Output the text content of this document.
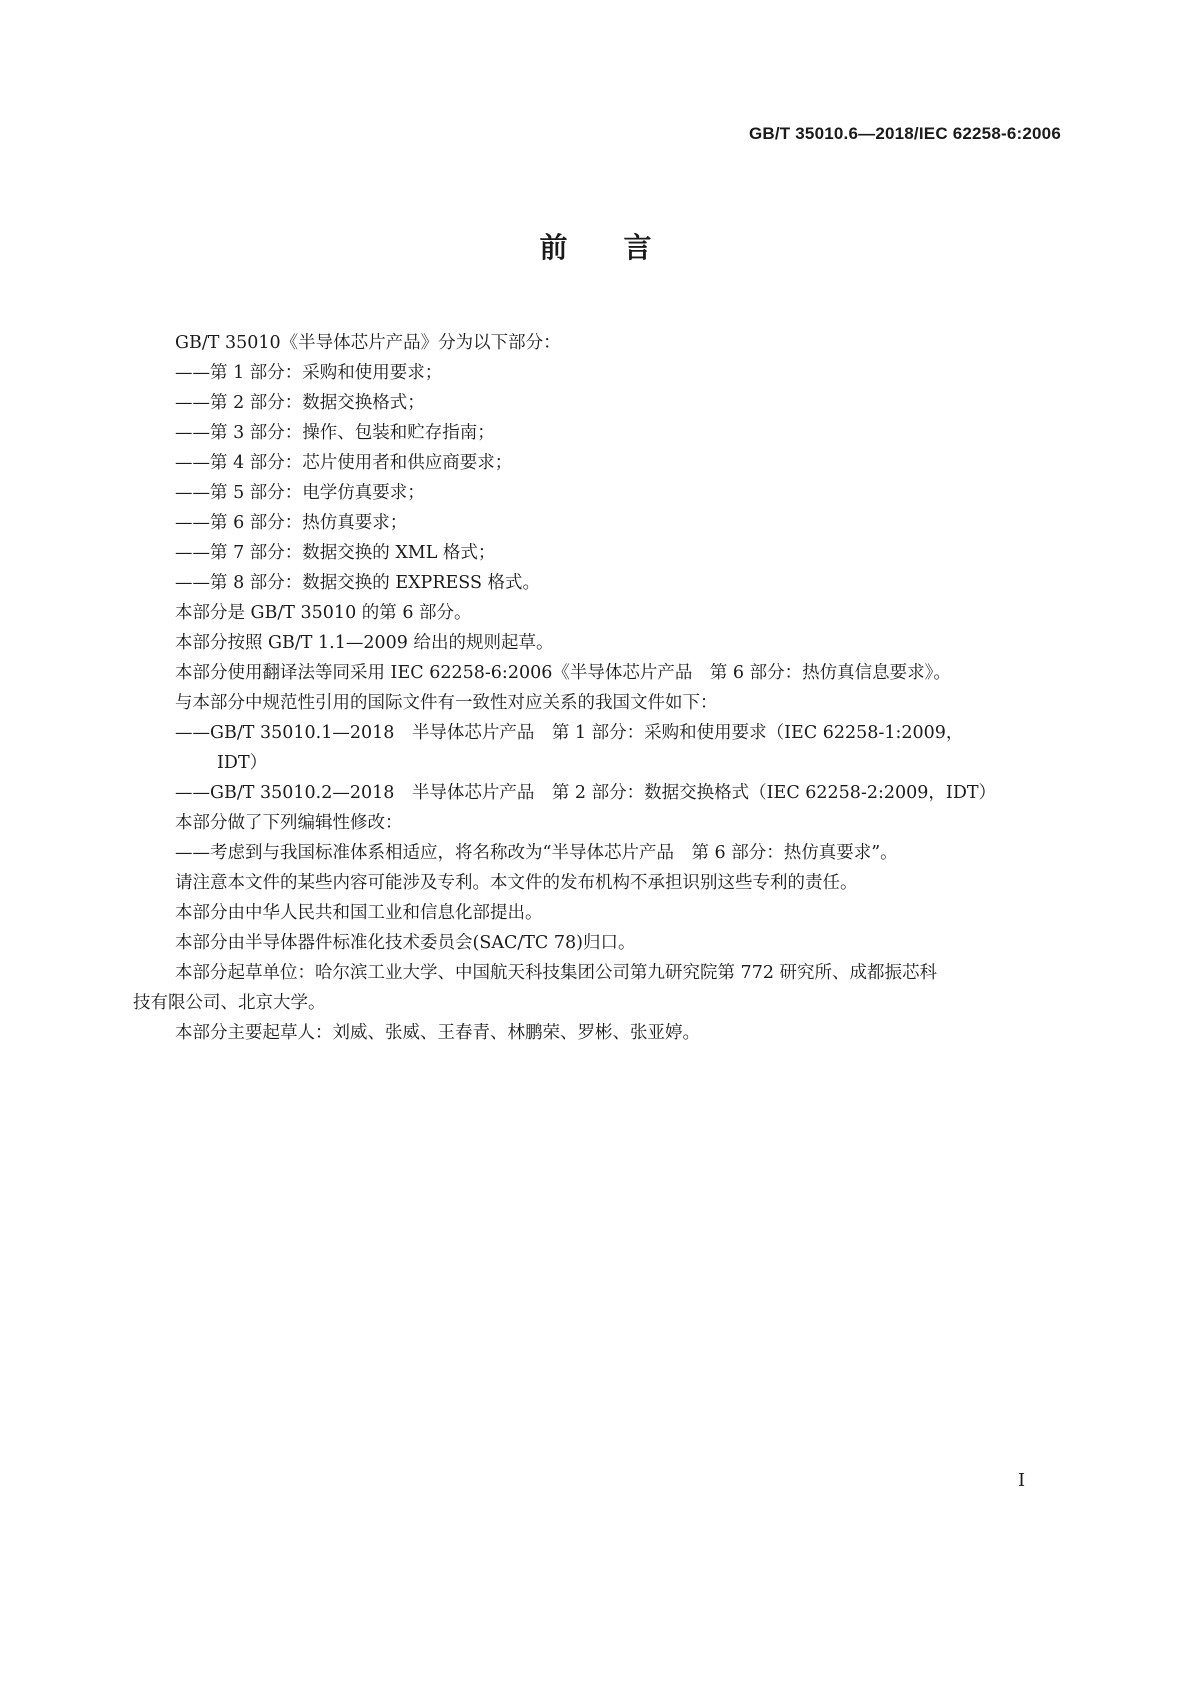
GB/T 35010.6—2018/IEC 62258-6:2006
前言

GB/T 35010《半导体芯片产品》分为以下部分：

——第 1 部分：采购和使用要求；

——第 2 部分：数据交换格式；

——第 3 部分：操作、包装和贮存指南；

——第 4 部分：芯片使用者和供应商要求；

——第 5 部分：电学仿真要求；

——第 6 部分：热仿真要求；

——第 7 部分：数据交换的 XML 格式；

——第 8 部分：数据交换的 EXPRESS 格式。

本部分是 GB/T 35010 的第 6 部分。

本部分按照 GB/T 1.1—2009 给出的规则起草。

本部分使用翻译法等同采用 IEC 62258-6:2006《半导体芯片产品　第 6 部分：热仿真信息要求》。

与本部分中规范性引用的国际文件有一致性对应关系的我国文件如下：

——GB/T 35010.1—2018　半导体芯片产品　第 1 部分：采购和使用要求（IEC 62258-1:2009，

IDT）

——GB/T 35010.2—2018　半导体芯片产品　第 2 部分：数据交换格式（IEC 62258-2:2009，IDT）

本部分做了下列编辑性修改：

——考虑到与我国标准体系相适应，将名称改为“半导体芯片产品　第 6 部分：热仿真要求”。

请注意本文件的某些内容可能涉及专利。本文件的发布机构不承担识别这些专利的责任。

本部分由中华人民共和国工业和信息化部提出。

本部分由半导体器件标准化技术委员会(SAC/TC 78)归口。

本部分起草单位：哈尔滨工业大学、中国航天科技集团公司第九研究院第 772 研究所、成都振芯科

技有限公司、北京大学。

本部分主要起草人：刘威、张威、王春青、林鹏荣、罗彬、张亚婷。

I
